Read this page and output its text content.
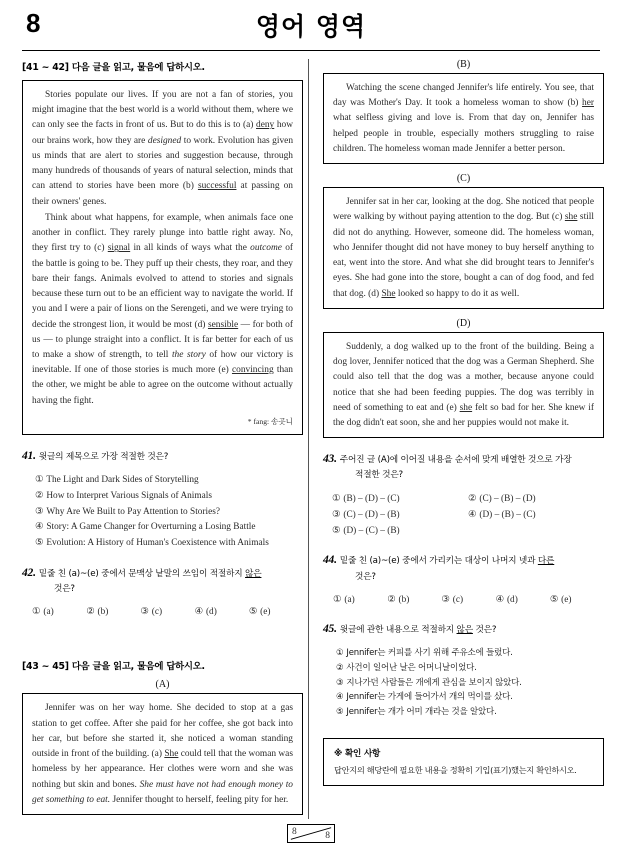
8	영어 영역
[41 ~ 42] 다음 글을 읽고, 물음에 답하시오.

Stories populate our lives. If you are not a fan of stories, you might imagine that the best world is a world without them, where we can only see the facts in front of us. But to do this is to (a) deny how our brains work, how they are designed to work. Evolution has given us minds that are alert to stories and suggestion because, through many hundreds of thousands of years of natural selection, minds that can attend to stories have been more (b) successful at passing on their owners' genes.

Think about what happens, for example, when animals face one another in conflict. They rarely plunge into battle right away. No, they first try to (c) signal in all kinds of ways what the outcome of the battle is going to be. They puff up their chests, they roar, and they bare their fangs. Animals evolved to attend to stories and signals because these turn out to be an efficient way to navigate the world. If you and I were a pair of lions on the Serengeti, and we were trying to decide the strongest lion, it would be most (d) sensible — for both of us — to plunge straight into a conflict. It is far better for each of us to make a show of strength, to tell the story of how our victory is inevitable. If one of those stories is much more (e) convincing than the other, we might be able to agree on the outcome without actually having the fight.

* fang: 송곳니

41. 윗글의 제목으로 가장 적절한 것은?
① The Light and Dark Sides of Storytelling
② How to Interpret Various Signals of Animals
③ Why Are We Built to Pay Attention to Stories?
④ Story: A Game Changer for Overturning a Losing Battle
⑤ Evolution: A History of Human's Coexistence with Animals
42. 밑줄 친 (a)~(e) 중에서 문맥상 낱말의 쓰임이 적절하지 않은
것은?
① (a)	② (b)	③ (c)	④ (d)	⑤ (e)
[43 ~ 45] 다음 글을 읽고, 물음에 답하시오.
(A)

Jennifer was on her way home. She decided to stop at a gas station to get coffee. After she paid for her coffee, she got back into her car, but before she started it, she noticed a woman standing outside in front of the building. (a) She could tell that the woman was homeless by her appearance. Her clothes were worn and she was nothing but skin and bones. She must have not had enough money to get something to eat. Jennifer thought to herself, feeling pity for her.

(B)

Watching the scene changed Jennifer's life entirely. You see, that day was Mother's Day. It took a homeless woman to show (b) her what selfless giving and love is. From that day on, Jennifer has helped people in trouble, especially mothers struggling to raise children. The homeless woman made Jennifer a better person.

(C)

Jennifer sat in her car, looking at the dog. She noticed that people were walking by without paying attention to the dog. But (c) she still did not do anything. However, someone did. The homeless woman, who Jennifer thought did not have money to buy herself anything to eat, went into the store. And what she did brought tears to Jennifer's eyes. She had gone into the store, bought a can of dog food, and fed that dog. (d) She looked so happy to do it as well.

(D)

Suddenly, a dog walked up to the front of the building. Being a dog lover, Jennifer noticed that the dog was a German Shepherd. She could also tell that the dog was a mother, because anyone could notice that she had been feeding puppies. The dog was terribly in need of something to eat and (e) she felt so bad for her. She knew if the dog didn't eat soon, she and her puppies would not make it.

43. 주어진 글 (A)에 이어질 내용을 순서에 맞게 배열한 것으로 가장
적절한 것은?
① (B) – (D) – (C)	② (C) – (B) – (D)
③ (C) – (D) – (B)	④ (D) – (B) – (C)
⑤ (D) – (C) – (B)
44. 밑줄 친 (a)~(e) 중에서 가리키는 대상이 나머지 넷과 다른
것은?
① (a)	② (b)	③ (c)	④ (d)	⑤ (e)
45. 윗글에 관한 내용으로 적절하지 않은 것은?
① Jennifer는 커피를 사기 위해 주유소에 들렀다.
② 사건이 일어난 날은 어머니날이었다.
③ 지나가던 사람들은 개에게 관심을 보이지 않았다.
④ Jennifer는 가게에 들어가서 개의 먹이를 샀다.
⑤ Jennifer는 개가 어미 개라는 것을 알았다.
※ 확인 사항
답안지의 해당란에 필요한 내용을 정확히 기입(표기)했는지 확인하시오.
8	8
